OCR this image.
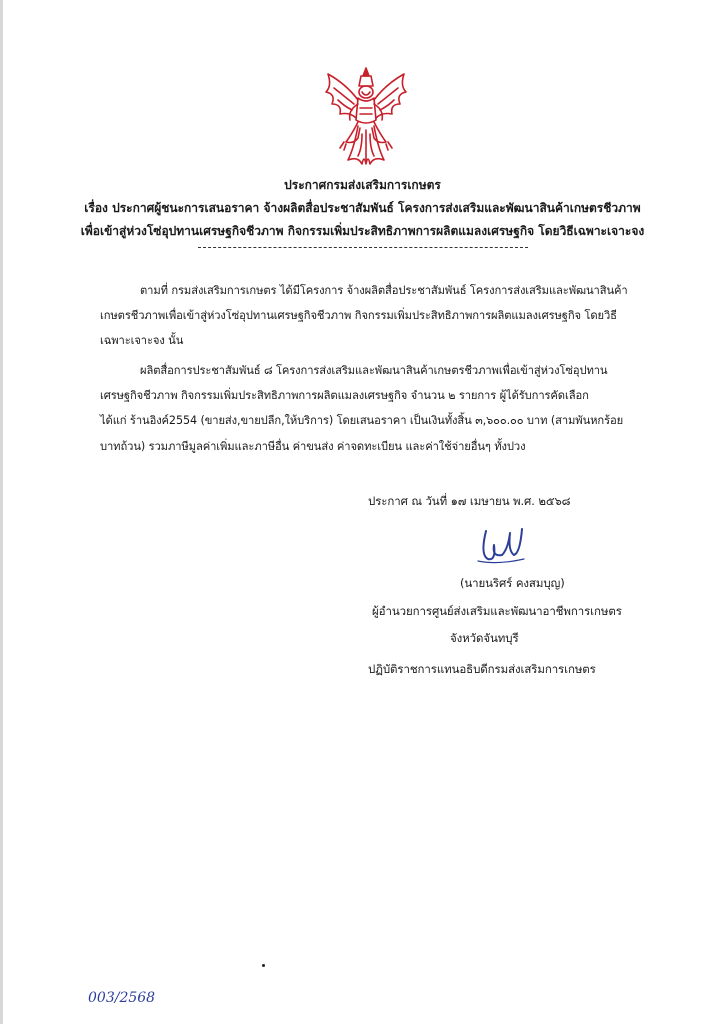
ประกาศกรมส่งเสริมการเกษตร
เรื่อง ประกาศผู้ชนะการเสนอราคา จ้างผลิตสื่อประชาสัมพันธ์ โครงการส่งเสริมและพัฒนาสินค้าเกษตรชีวภาพ
เพื่อเข้าสู่ห่วงโซ่อุปทานเศรษฐกิจชีวภาพ กิจกรรมเพิ่มประสิทธิภาพการผลิตแมลงเศรษฐกิจ โดยวิธีเฉพาะเจาะจง
ตามที่ กรมส่งเสริมการเกษตร ได้มีโครงการ จ้างผลิตสื่อประชาสัมพันธ์ โครงการส่งเสริมและพัฒนาสินค้า
เกษตรชีวภาพเพื่อเข้าสู่ห่วงโซ่อุปทานเศรษฐกิจชีวภาพ กิจกรรมเพิ่มประสิทธิภาพการผลิตแมลงเศรษฐกิจ โดยวิธี
เฉพาะเจาะจง นั้น
ผลิตสื่อการประชาสัมพันธ์ ๘ โครงการส่งเสริมและพัฒนาสินค้าเกษตรชีวภาพเพื่อเข้าสู่ห่วงโซ่อุปทาน
เศรษฐกิจชีวภาพ กิจกรรมเพิ่มประสิทธิภาพการผลิตแมลงเศรษฐกิจ จำนวน ๒ รายการ ผู้ได้รับการคัดเลือก
ได้แก่ ร้านอิงค์2554 (ขายส่ง,ขายปลีก,ให้บริการ) โดยเสนอราคา เป็นเงินทั้งสิ้น ๓,๖๐๐.๐๐ บาท (สามพันหกร้อย
บาทถ้วน) รวมภาษีมูลค่าเพิ่มและภาษีอื่น ค่าขนส่ง ค่าจดทะเบียน และค่าใช้จ่ายอื่นๆ ทั้งปวง
ประกาศ ณ วันที่ ๑๗ เมษายน พ.ศ. ๒๕๖๘
(นายนริศร์ คงสมบุญ)
ผู้อำนวยการศูนย์ส่งเสริมและพัฒนาอาชีพการเกษตร
จังหวัดจันทบุรี
ปฏิบัติราชการแทนอธิบดีกรมส่งเสริมการเกษตร
003/2568
